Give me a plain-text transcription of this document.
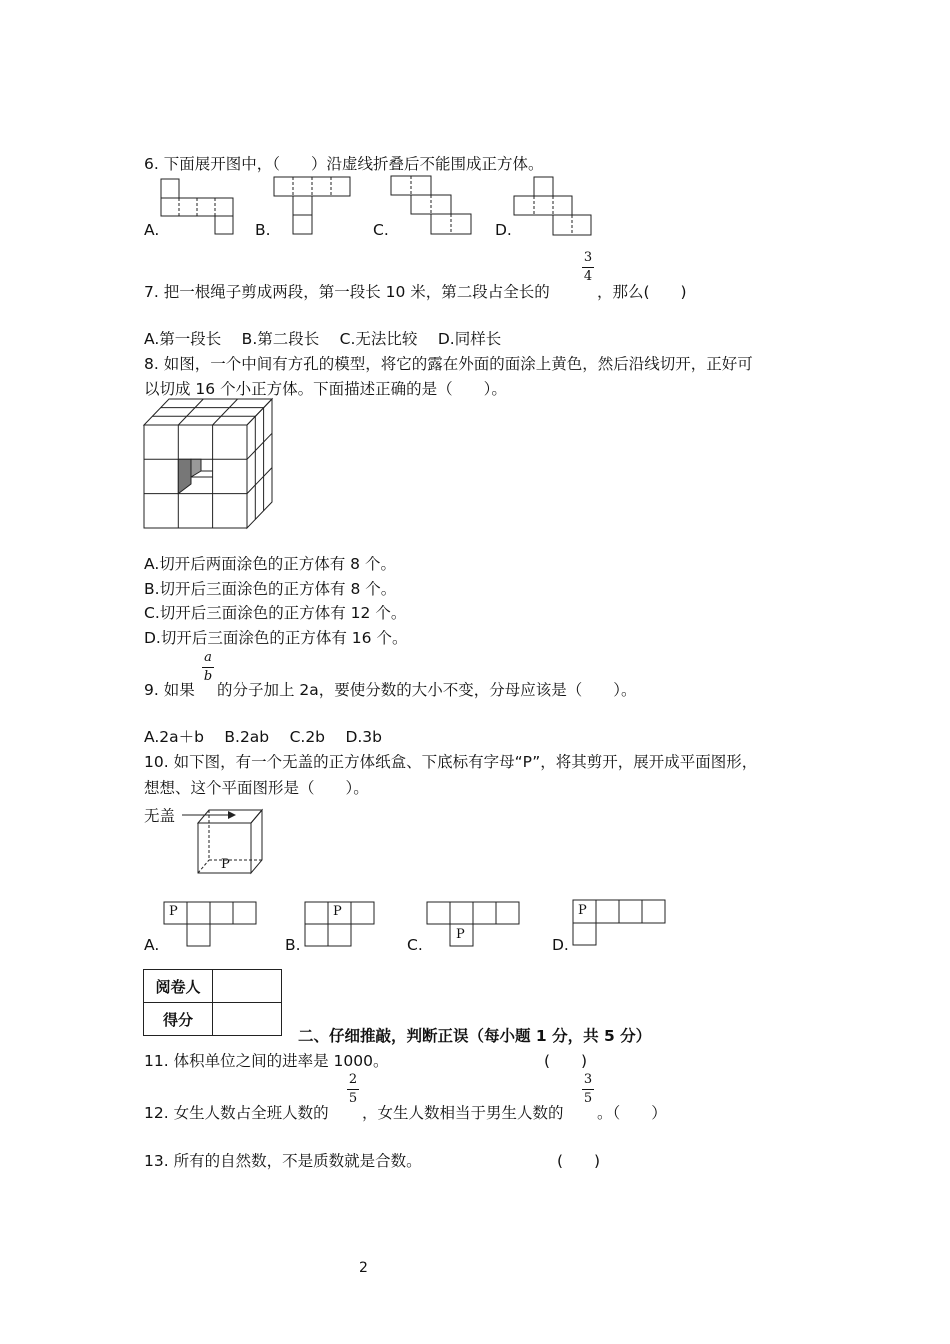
6. 下面展开图中，（　　）沿虚线折叠后不能围成正方体。
A.	B.	C.	D.
7. 把一根绳子剪成两段，第一段长 10 米，第二段占全长的
3
4
，那么(　　)
A.第一段长　 B.第二段长　 C.无法比较　 D.同样长
8. 如图，一个中间有方孔的模型，将它的露在外面的面涂上黄色，然后沿线切开，正好可
以切成 16 个小正方体。下面描述正确的是（　　）。
A.切开后两面涂色的正方体有 8 个。
B.切开后三面涂色的正方体有 8 个。
C.切开后三面涂色的正方体有 12 个。
D.切开后三面涂色的正方体有 16 个。
9. 如果
a
b
的分子加上 2a，要使分数的大小不变，分母应该是（　　）。
A.2a＋b　 B.2ab　 C.2b　 D.3b
10. 如下图，有一个无盖的正方体纸盒、下底标有字母“P”，将其剪开，展开成平面图形，
想想、这个平面图形是（　　）。
无盖
P
P
A.
P
B.
P
C.
P
D.
阅卷人	
得分	
二、仔细推敲，判断正误（每小题 1 分，共 5 分）
11. 体积单位之间的进率是 1000。	(　　)
12. 女生人数占全班人数的
2
5
，女生人数相当于男生人数的
3
5
。（　　）
13. 所有的自然数，不是质数就是合数。	(　　)
2
